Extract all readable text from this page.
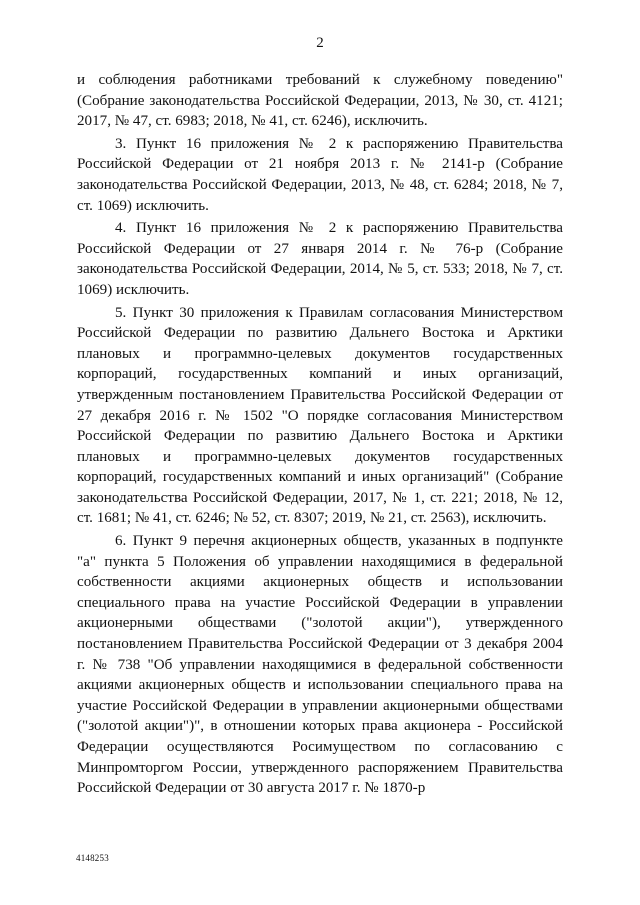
2

и соблюдения работниками требований к служебному поведению" (Собрание законодательства Российской Федерации, 2013, № 30, ст. 4121; 2017, № 47, ст. 6983; 2018, № 41, ст. 6246), исключить.

3. Пункт 16 приложения № 2 к распоряжению Правительства Российской Федерации от 21 ноября 2013 г. № 2141-р (Собрание законодательства Российской Федерации, 2013, № 48, ст. 6284; 2018, № 7, ст. 1069) исключить.

4. Пункт 16 приложения № 2 к распоряжению Правительства Российской Федерации от 27 января 2014 г. № 76-р (Собрание законодательства Российской Федерации, 2014, № 5, ст. 533; 2018, № 7, ст. 1069) исключить.

5. Пункт 30 приложения к Правилам согласования Министерством Российской Федерации по развитию Дальнего Востока и Арктики плановых и программно-целевых документов государственных корпораций, государственных компаний и иных организаций, утвержденным постановлением Правительства Российской Федерации от 27 декабря 2016 г. № 1502 "О порядке согласования Министерством Российской Федерации по развитию Дальнего Востока и Арктики плановых и программно-целевых документов государственных корпораций, государственных компаний и иных организаций" (Собрание законодательства Российской Федерации, 2017, № 1, ст. 221; 2018, № 12, ст. 1681; № 41, ст. 6246; № 52, ст. 8307; 2019, № 21, ст. 2563), исключить.

6. Пункт 9 перечня акционерных обществ, указанных в подпункте "а" пункта 5 Положения об управлении находящимися в федеральной собственности акциями акционерных обществ и использовании специального права на участие Российской Федерации в управлении акционерными обществами ("золотой акции"), утвержденного постановлением Правительства Российской Федерации от 3 декабря 2004 г. № 738 "Об управлении находящимися в федеральной собственности акциями акционерных обществ и использовании специального права на участие Российской Федерации в управлении акционерными обществами ("золотой акции")", в отношении которых права акционера - Российской Федерации осуществляются Росимуществом по согласованию с Минпромторгом России, утвержденного распоряжением Правительства Российской Федерации от 30 августа 2017 г. № 1870-р

4148253
